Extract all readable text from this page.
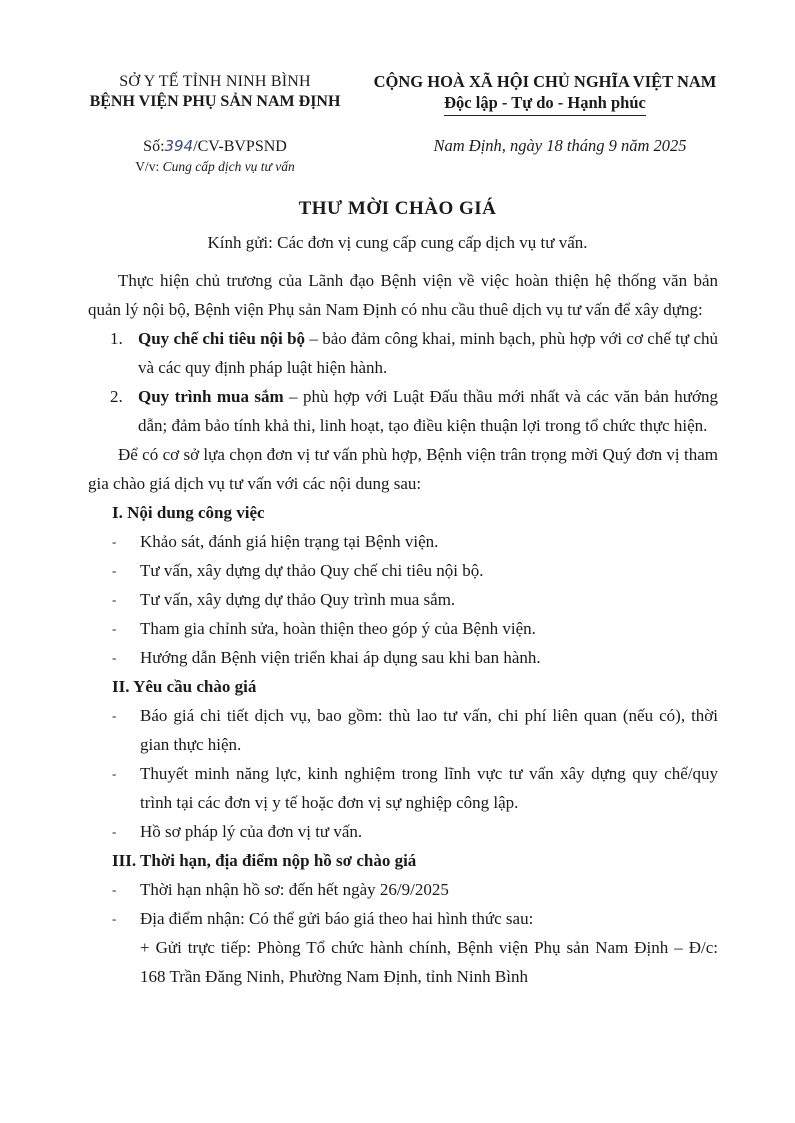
SỞ Y TẾ TỈNH NINH BÌNH
BỆNH VIỆN PHỤ SẢN NAM ĐỊNH
CỘNG HOÀ XÃ HỘI CHỦ NGHĨA VIỆT NAM
Độc lập - Tự do - Hạnh phúc
Số:394/CV-BVPSND
V/v: Cung cấp dịch vụ tư vấn
Nam Định, ngày 18 tháng 9 năm 2025
THƯ MỜI CHÀO GIÁ
Kính gửi: Các đơn vị cung cấp cung cấp dịch vụ tư vấn.

Thực hiện chủ trương của Lãnh đạo Bệnh viện về việc hoàn thiện hệ thống văn bản quản lý nội bộ, Bệnh viện Phụ sản Nam Định có nhu cầu thuê dịch vụ tư vấn để xây dựng:

1. Quy chế chi tiêu nội bộ – bảo đảm công khai, minh bạch, phù hợp với cơ chế tự chủ và các quy định pháp luật hiện hành.
2. Quy trình mua sắm – phù hợp với Luật Đấu thầu mới nhất và các văn bản hướng dẫn; đảm bảo tính khả thi, linh hoạt, tạo điều kiện thuận lợi trong tổ chức thực hiện.

Để có cơ sở lựa chọn đơn vị tư vấn phù hợp, Bệnh viện trân trọng mời Quý đơn vị tham gia chào giá dịch vụ tư vấn với các nội dung sau:

I. Nội dung công việc
-	Khảo sát, đánh giá hiện trạng tại Bệnh viện.
-	Tư vấn, xây dựng dự thảo Quy chế chi tiêu nội bộ.
-	Tư vấn, xây dựng dự thảo Quy trình mua sắm.
-	Tham gia chỉnh sửa, hoàn thiện theo góp ý của Bệnh viện.
-	Hướng dẫn Bệnh viện triển khai áp dụng sau khi ban hành.
II. Yêu cầu chào giá
-	Báo giá chi tiết dịch vụ, bao gồm: thù lao tư vấn, chi phí liên quan (nếu có), thời gian thực hiện.
-	Thuyết minh năng lực, kinh nghiệm trong lĩnh vực tư vấn xây dựng quy chế/quy trình tại các đơn vị y tế hoặc đơn vị sự nghiệp công lập.
-	Hồ sơ pháp lý của đơn vị tư vấn.
III. Thời hạn, địa điểm nộp hồ sơ chào giá
-	Thời hạn nhận hồ sơ: đến hết ngày 26/9/2025
-	Địa điểm nhận: Có thể gửi báo giá theo hai hình thức sau:
+ Gửi trực tiếp: Phòng Tổ chức hành chính, Bệnh viện Phụ sản Nam Định – Đ/c: 168 Trần Đăng Ninh, Phường Nam Định, tỉnh Ninh Bình
